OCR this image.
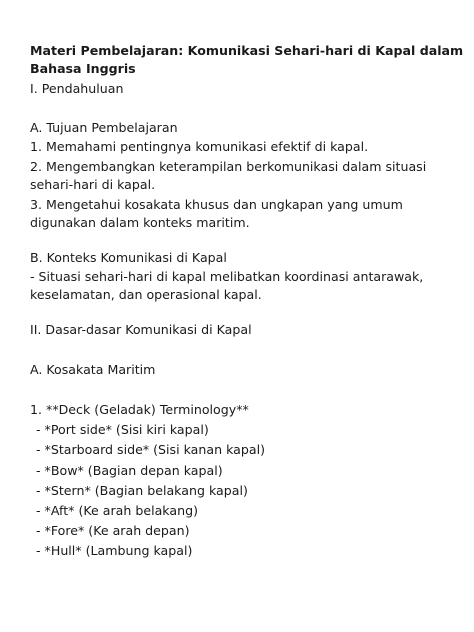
Materi Pembelajaran: Komunikasi Sehari-hari di Kapal dalam
Bahasa Inggris
I. Pendahuluan
A. Tujuan Pembelajaran
1. Memahami pentingnya komunikasi efektif di kapal.
2. Mengembangkan keterampilan berkomunikasi dalam situasi
sehari-hari di kapal.
3. Mengetahui kosakata khusus dan ungkapan yang umum
digunakan dalam konteks maritim.
B. Konteks Komunikasi di Kapal
- Situasi sehari-hari di kapal melibatkan koordinasi antarawak,
keselamatan, dan operasional kapal.
II. Dasar-dasar Komunikasi di Kapal
A. Kosakata Maritim
1. **Deck (Geladak) Terminology**
- *Port side* (Sisi kiri kapal)
- *Starboard side* (Sisi kanan kapal)
- *Bow* (Bagian depan kapal)
- *Stern* (Bagian belakang kapal)
- *Aft* (Ke arah belakang)
- *Fore* (Ke arah depan)
- *Hull* (Lambung kapal)
